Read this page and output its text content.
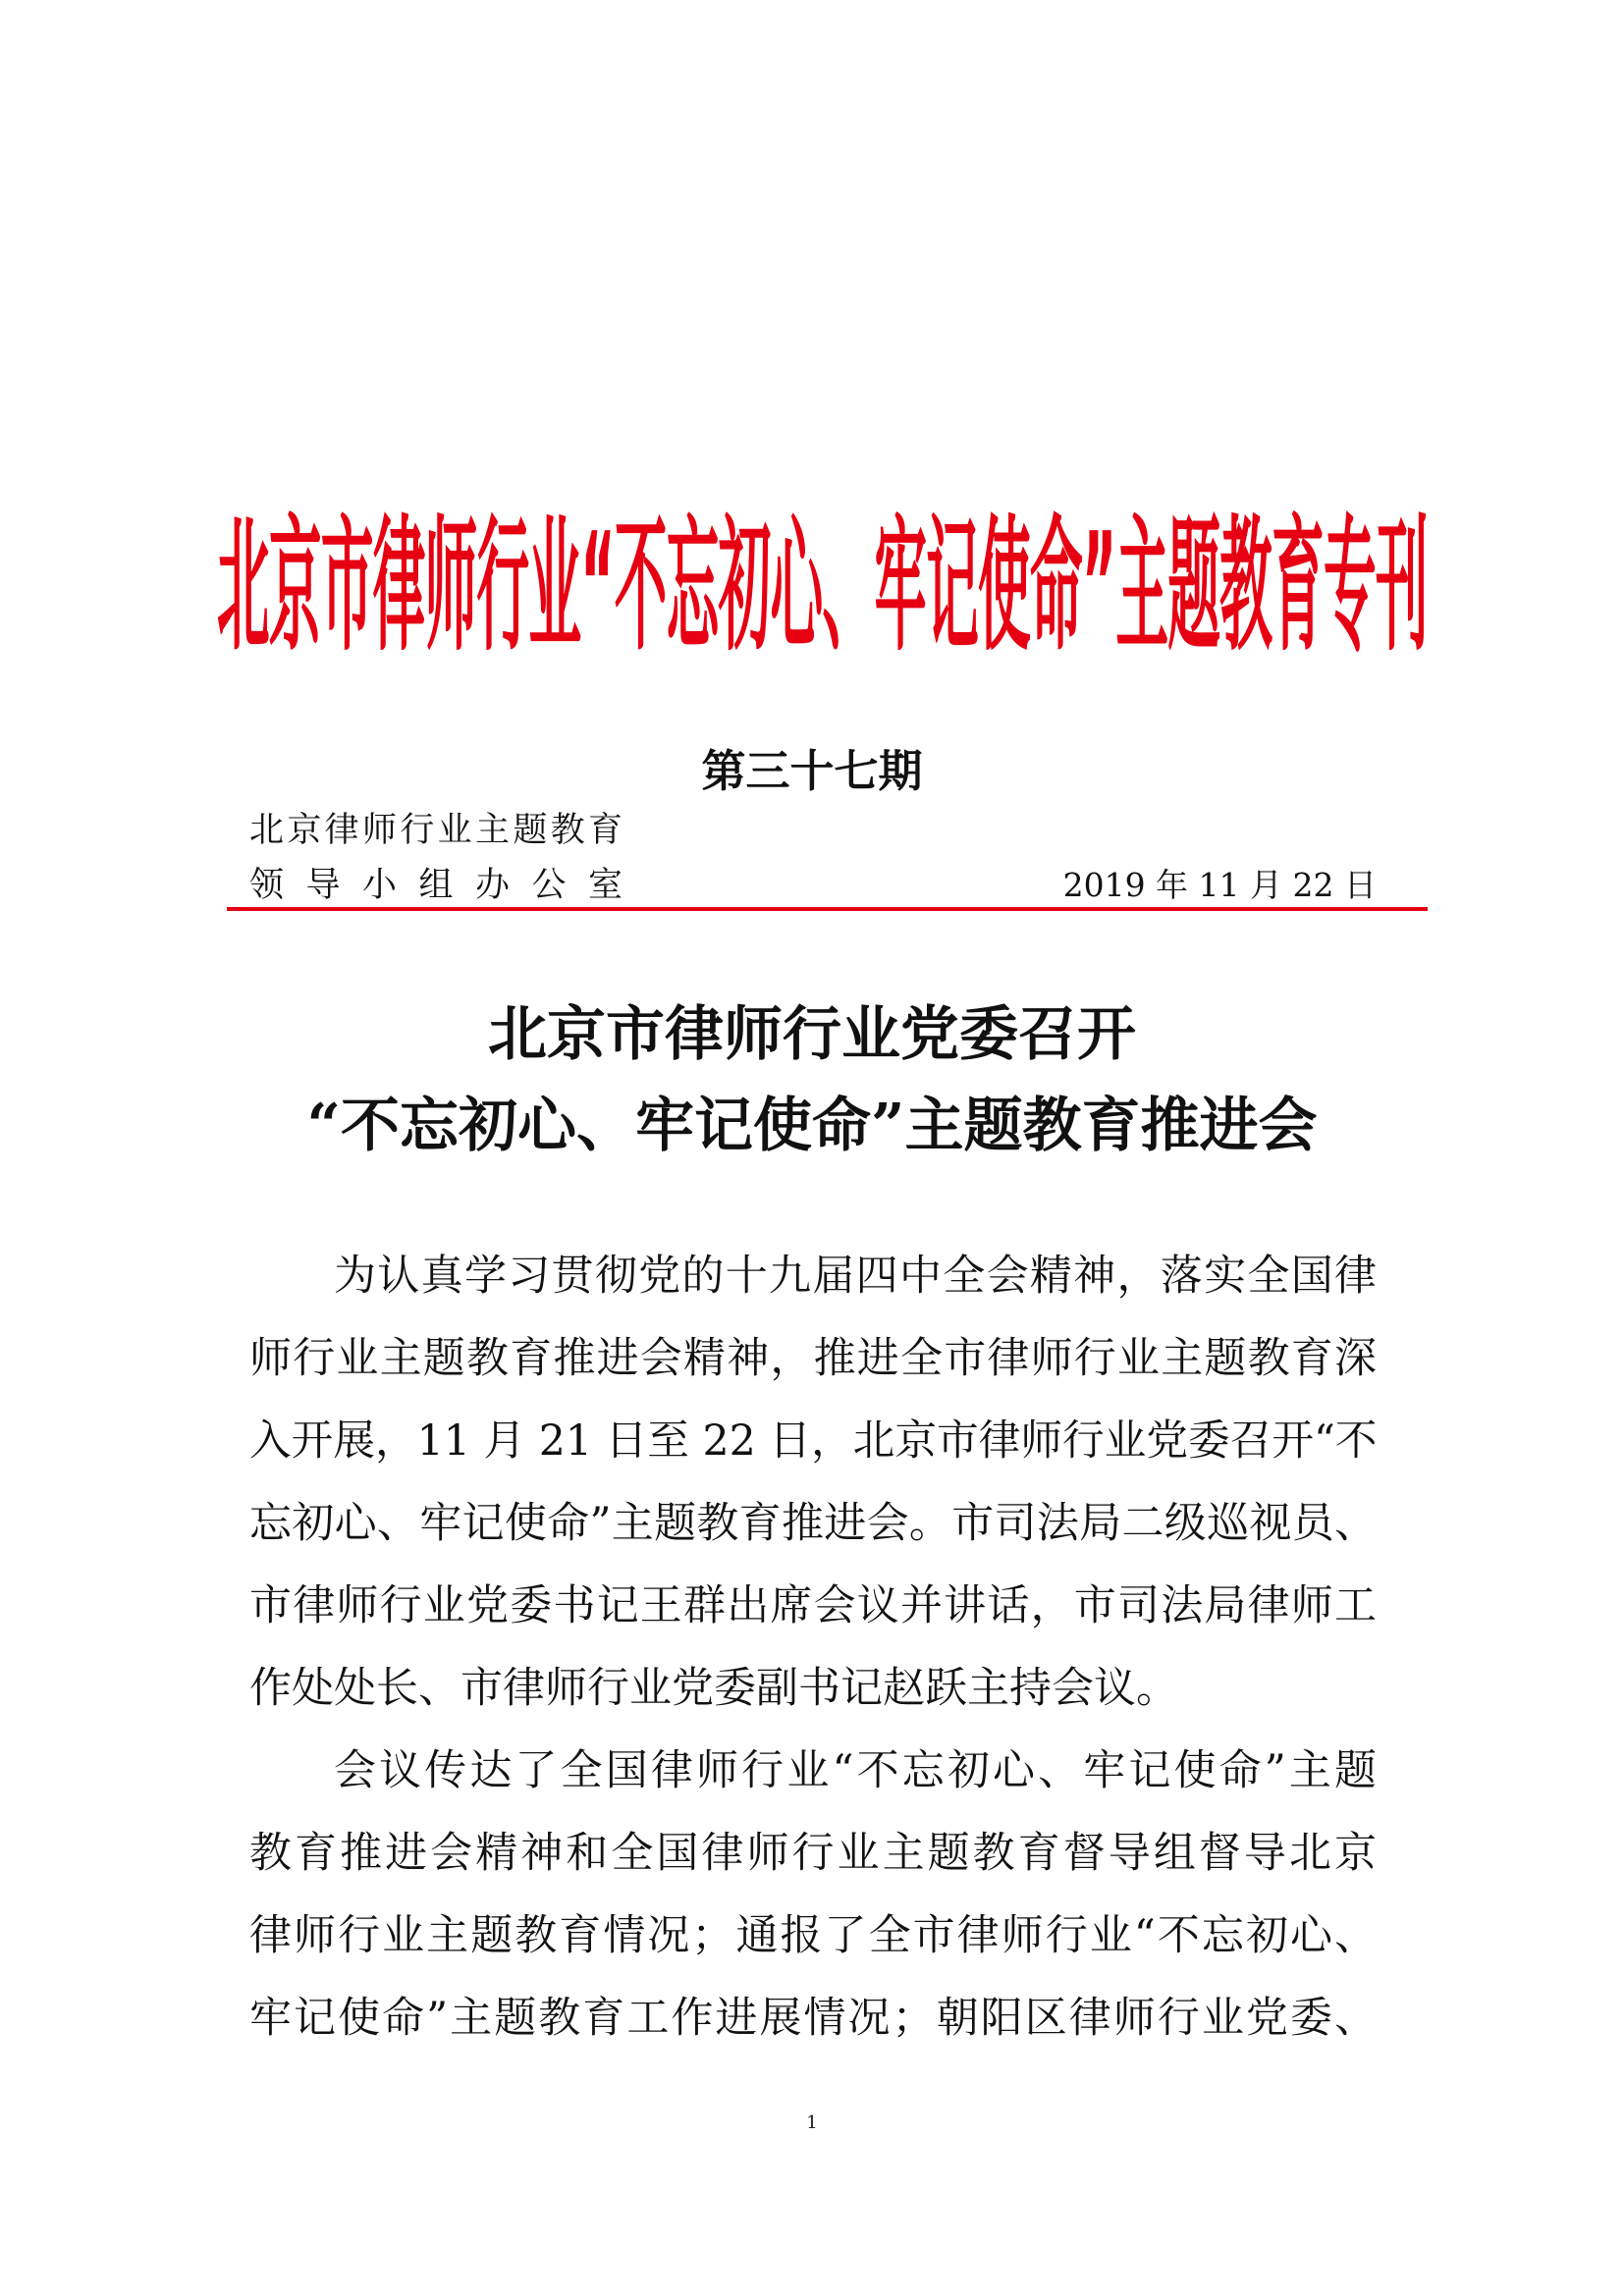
北京市律师行业“不忘初心、牢记使命”主题教育专刊
第三十七期
北京律师行业主题教育
领 导 小 组 办 公 室	2019 年 11 月 22 日
北京市律师行业党委召开
“不忘初心、牢记使命”主题教育推进会
为认真学习贯彻党的十九届四中全会精神，落实全国律
师行业主题教育推进会精神，推进全市律师行业主题教育深
入开展，11 月 21 日至 22 日，北京市律师行业党委召开“不
忘初心、牢记使命”主题教育推进会。市司法局二级巡视员、
市律师行业党委书记王群出席会议并讲话，市司法局律师工
作处处长、市律师行业党委副书记赵跃主持会议。
会议传达了全国律师行业“不忘初心、牢记使命”主题
教育推进会精神和全国律师行业主题教育督导组督导北京
律师行业主题教育情况；通报了全市律师行业“不忘初心、
牢记使命”主题教育工作进展情况；朝阳区律师行业党委、
1
